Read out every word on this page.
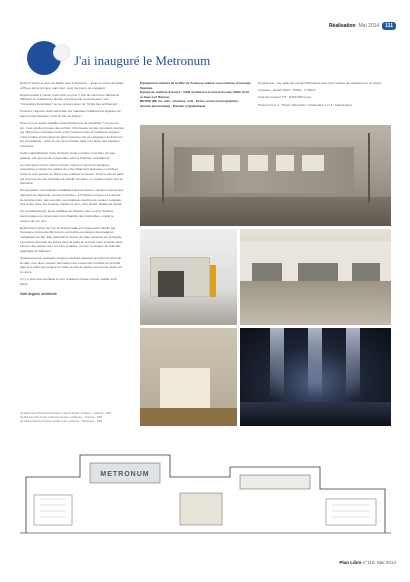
Réalisation Mai 2014	111
J'ai inauguré le Metronum

Entre th. Entre le sexe du ballon tous à Toulouse..., Entre le retour du ballon coffre et lancé (et quel, sans faut, sans (serveurs ou engages).

Depuis quand il n'avoir reçus plus ou pour !! Car de nombreux bâtiments affichant ce matériau en façade ont été perdu ou recouverts, ses "immeubles Décoration" ou les univers aisés de "Ordre des architectes".

Pourtant, l'agence GGR sait traiter les matériaux traditionnels ligneaux de façon contemporaine, mais ici pas de brique !

Peut on pour autant qualifier cette architecture de brutaliste ? Ce qui est sûr, c'est qu'elle propose une écriture riche basée sur des procédés simples qui offrent des contrastes forts entre l'intérieur lisse et l'extérieur rugueux ; entre l'ombre et la lumière (le patio lumineux par ses dégorges donnant sur les circulations) ; entre la noir de la Grande salle et la blanc des espaces extérieurs.

Cette matérialisation brute du béton coulé en place n'est bien sûr pas gratuite, elle permet de comprendre sans à l'intérieur du bâtiment.

Le volumétrie est un volume simple, creusé et percé de quelques ouvertures. Lorsque les parties du cube initial sont enlevées ou évidées, celles-ci sont peintes en blanc pour marquer la césure. C'est le cas du patio qui reçoit un lieu de circulation à échelle humaine, un espace inséré tout en intériorité.

En opposition, des finitions métalliques jaunes dorées, ciselées comme des éléments de bijouterie, viennent trancher. À l'intérieur comme à l'extérieur de la boîte noire, par exemple, ses quelques touches de couleur, lesquels, font le lien entre les espaces publics et ceux, plus privés, dédiés au travail.

Ce sont Monoboyé, jaune outillage de l'Electro, dès vu que (Toulées électroniques ou récemment à la Chapelle des Carmélites, emplie le volume de son son.

Entièrement vêtue de noir, la Grande salle est uniquement rebelle par l'enseigne lumineuse Metronum, accrochée au-dessus des étagères métalliques du bar. Elle reproduit le dessin de cette présente sur la façade. La lumière découpe les lettres dans la peau de la boîte noire et laisse ainsi l'œuvre des clartés tous, les plus sculptés, comme l'enseigne de l'identité graphique du bâtiment.

Judicieusement, quelques longues marches apparent la fusion du fond de la salle. Ces deux niveaux permettent aux personnes mobiles en sécurité plan et à celles qui veulent un vaste au bar de garder une bonne vision sur la scène.

Il n'y a plus qu'à souhaiter le son, d'ailleurs d'assez bonne qualité qu'ici (Ikel)!

Gaël Anguot, architecte
(1) Maître des Architectures Associées // Tout de Regain, architecte – Toulouse – 1987
(2) ANA avec Plan Centre et Mureaux Designs, architectes – Toulouse – 1987
(3) GGR architectes associés et Gilles Lopez, architecte – Monbergue – 2009

Équipement culturel de la Ville de Toulouse réalisé sous maîtrise d'ouvrage Oppidea

Equipe de maîtrise d'œuvre : GGR architectes (Laurent Gouwy, Malin Ortiz et Jean-Luc Ramos)

BETEM (BE mo, élec, structure, vrd) - Scéno scène (scénographie) - Gemiza (acoustique) - Batelier (signalétique)

Programme : une salle de concert 600 places avec trois studios de répétitions et un studio

Livraison : janvier 2014 - SHON : 2 758m²

Coût des travaux HT : 5 000 000 euros

Photos 0.0 et 4 : Thierry Schneider / Vraisemblé 1 et 3 : Gaël Anguot

METRONUM
Plan Libre n°119. Mai 2014
